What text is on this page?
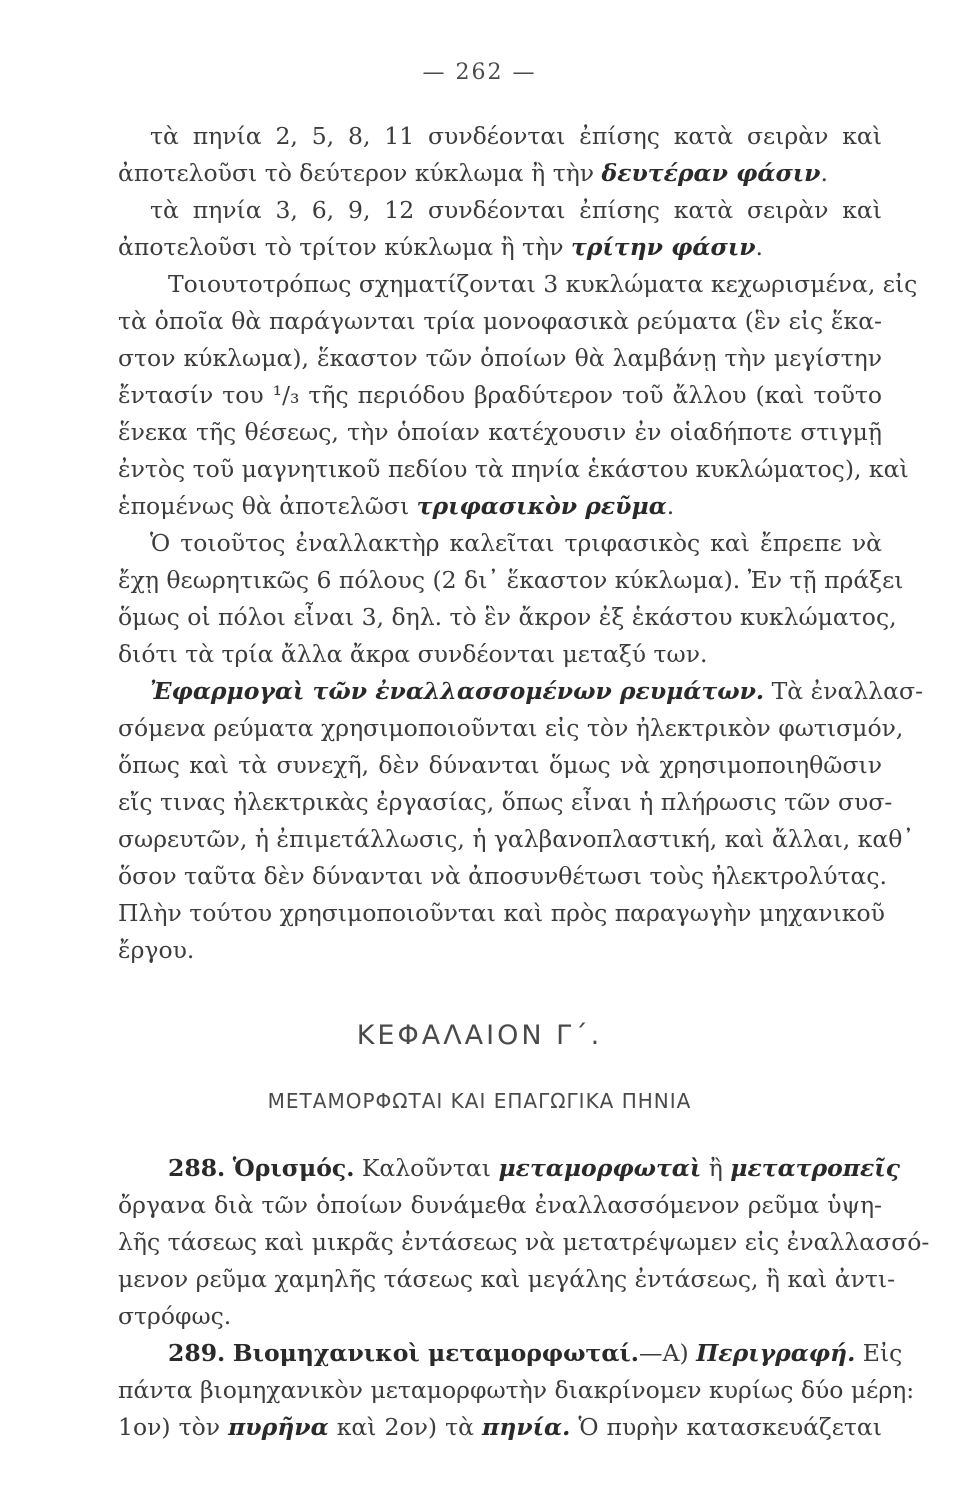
— 262 —
τὰ πηνία 2, 5, 8, 11 συνδέονται ἐπίσης κατὰ σειρὰν καὶ
ἀποτελοῦσι τὸ δεύτερον κύκλωμα ἢ τὴν δευτέραν φάσιν.
τὰ πηνία 3, 6, 9, 12 συνδέονται ἐπίσης κατὰ σειρὰν καὶ
ἀποτελοῦσι τὸ τρίτον κύκλωμα ἢ τὴν τρίτην φάσιν.
Τοιουτοτρόπως σχηματίζονται 3 κυκλώματα κεχωρισμένα, εἰς
τὰ ὁποῖα θὰ παράγωνται τρία μονοφασικὰ ρεύματα (ἓν εἰς ἕκα-
στον κύκλωμα), ἕκαστον τῶν ὁποίων θὰ λαμβάνῃ τὴν μεγίστην
ἔντασίν του ¹/₃ τῆς περιόδου βραδύτερον τοῦ ἄλλου (καὶ τοῦτο
ἕνεκα τῆς θέσεως, τὴν ὁποίαν κατέχουσιν ἐν οἱαδήποτε στιγμῇ
ἐντὸς τοῦ μαγνητικοῦ πεδίου τὰ πηνία ἑκάστου κυκλώματος), καὶ
ἑπομένως θὰ ἀποτελῶσι τριφασικὸν ρεῦμα.
Ὁ τοιοῦτος ἐναλλακτὴρ καλεῖται τριφασικὸς καὶ ἔπρεπε νὰ
ἔχῃ θεωρητικῶς 6 πόλους (2 δι᾽ ἕκαστον κύκλωμα). Ἐν τῇ πράξει
ὅμως οἱ πόλοι εἶναι 3, δηλ. τὸ ἓν ἄκρον ἐξ ἑκάστου κυκλώματος,
διότι τὰ τρία ἄλλα ἄκρα συνδέονται μεταξύ των.
Ἐφαρμογαὶ τῶν ἐναλλασσομένων ρευμάτων. Τὰ ἐναλλασ-
σόμενα ρεύματα χρησιμοποιοῦνται εἰς τὸν ἠλεκτρικὸν φωτισμόν,
ὅπως καὶ τὰ συνεχῆ, δὲν δύνανται ὅμως νὰ χρησιμοποιηθῶσιν
εἴς τινας ἠλεκτρικὰς ἐργασίας, ὅπως εἶναι ἡ πλήρωσις τῶν συσ-
σωρευτῶν, ἡ ἐπιμετάλλωσις, ἡ γαλβανοπλαστική, καὶ ἄλλαι, καθ᾽
ὅσον ταῦτα δὲν δύνανται νὰ ἀποσυνθέτωσι τοὺς ἠλεκτρολύτας.
Πλὴν τούτου χρησιμοποιοῦνται καὶ πρὸς παραγωγὴν μηχανικοῦ
ἔργου.
ΚΕΦΑΛΑΙΟΝ Γ΄.
ΜΕΤΑΜΟΡΦΩΤΑΙ ΚΑΙ ΕΠΑΓΩΓΙΚΑ ΠΗΝΙΑ
288. Ὁρισμός. Καλοῦνται μεταμορφωταὶ ἢ μετατροπεῖς
ὄργανα διὰ τῶν ὁποίων δυνάμεθα ἐναλλασσόμενον ρεῦμα ὑψη-
λῆς τάσεως καὶ μικρᾶς ἐντάσεως νὰ μετατρέψωμεν εἰς ἐναλλασσό-
μενον ρεῦμα χαμηλῆς τάσεως καὶ μεγάλης ἐντάσεως, ἢ καὶ ἀντι-
στρόφως.
289. Βιομηχανικοὶ μεταμορφωταί.—Α) Περιγραφή. Εἰς
πάντα βιομηχανικὸν μεταμορφωτὴν διακρίνομεν κυρίως δύο μέρη:
1ον) τὸν πυρῆνα καὶ 2ον) τὰ πηνία. Ὁ πυρὴν κατασκευάζεται
